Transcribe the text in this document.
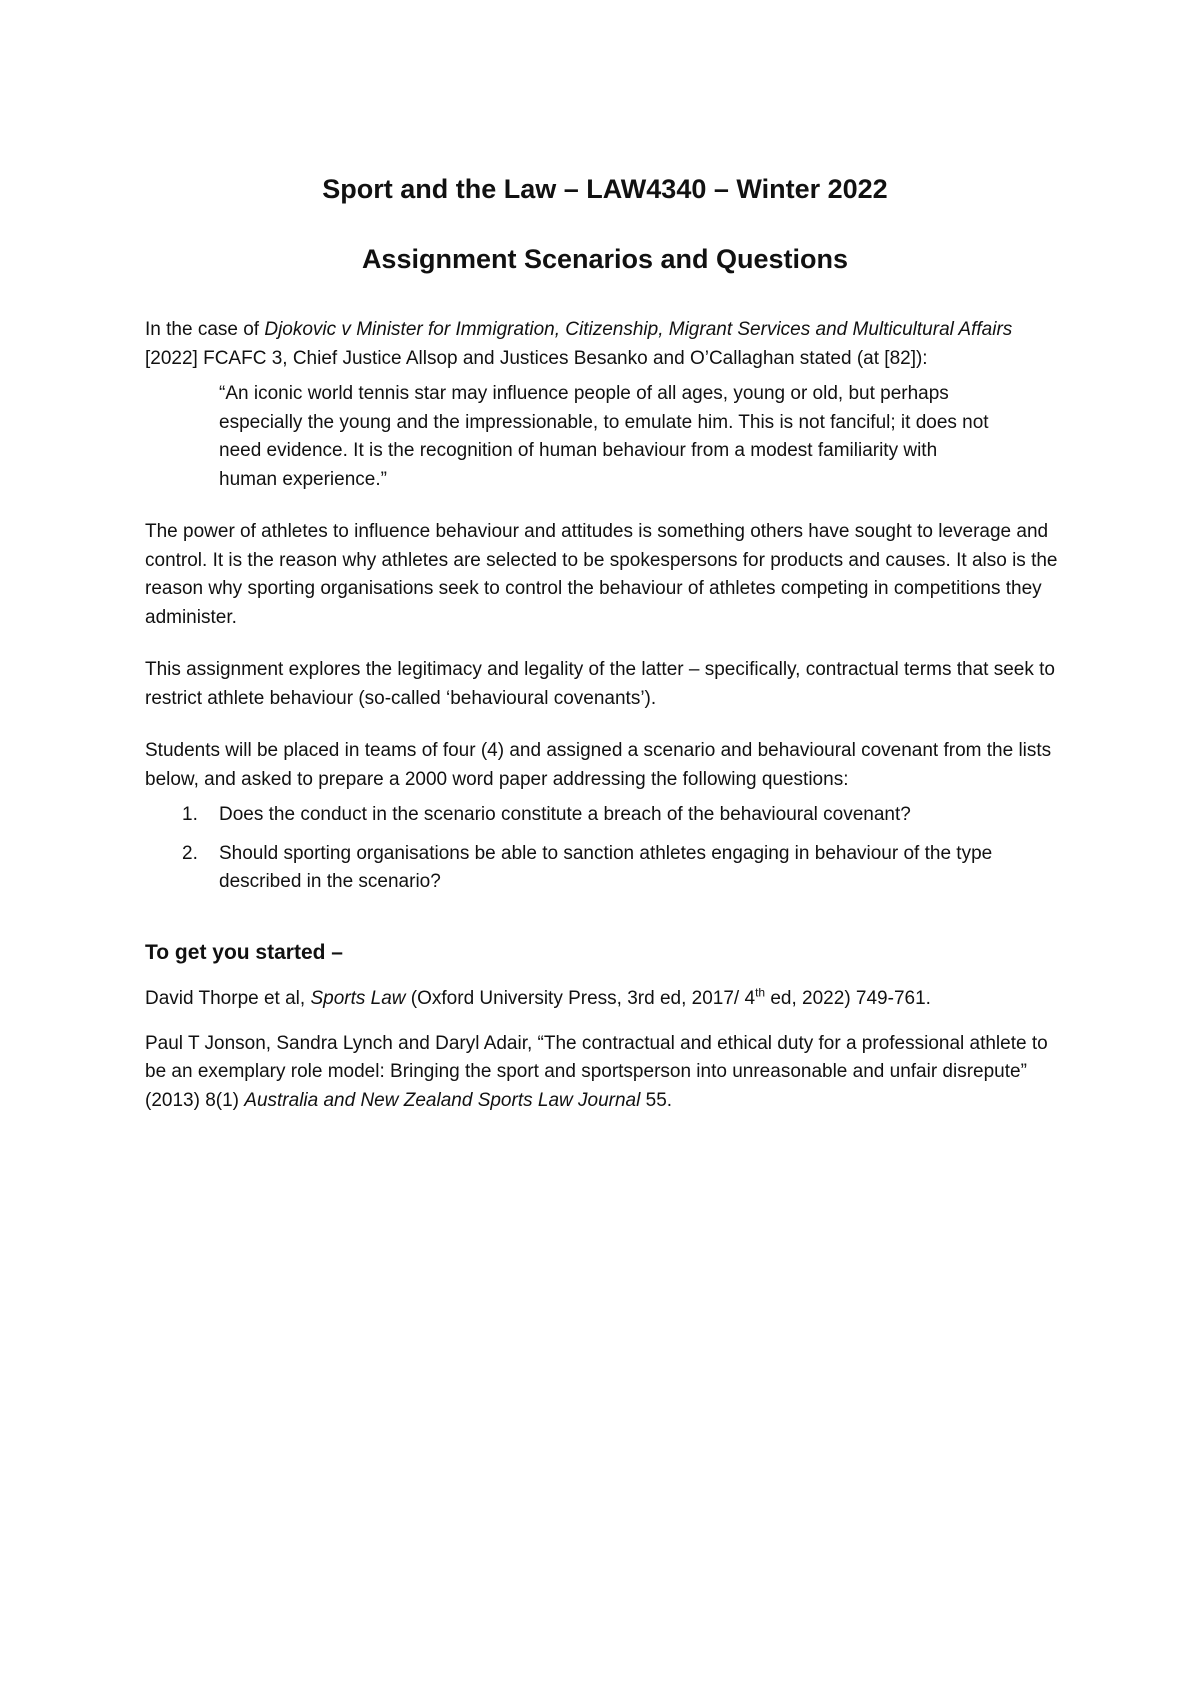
Sport and the Law – LAW4340 – Winter 2022
Assignment Scenarios and Questions

In the case of Djokovic v Minister for Immigration, Citizenship, Migrant Services and Multicultural Affairs [2022] FCAFC 3, Chief Justice Allsop and Justices Besanko and O’Callaghan stated (at [82]):

“An iconic world tennis star may influence people of all ages, young or old, but perhaps especially the young and the impressionable, to emulate him. This is not fanciful; it does not need evidence. It is the recognition of human behaviour from a modest familiarity with human experience.”

The power of athletes to influence behaviour and attitudes is something others have sought to leverage and control. It is the reason why athletes are selected to be spokespersons for products and causes. It also is the reason why sporting organisations seek to control the behaviour of athletes competing in competitions they administer.

This assignment explores the legitimacy and legality of the latter – specifically, contractual terms that seek to restrict athlete behaviour (so-called ‘behavioural covenants’).

Students will be placed in teams of four (4) and assigned a scenario and behavioural covenant from the lists below, and asked to prepare a 2000 word paper addressing the following questions:

1. Does the conduct in the scenario constitute a breach of the behavioural covenant?
2. Should sporting organisations be able to sanction athletes engaging in behaviour of the type described in the scenario?

To get you started –

David Thorpe et al, Sports Law (Oxford University Press, 3rd ed, 2017/ 4th ed, 2022) 749-761.

Paul T Jonson, Sandra Lynch and Daryl Adair, “The contractual and ethical duty for a professional athlete to be an exemplary role model: Bringing the sport and sportsperson into unreasonable and unfair disrepute” (2013) 8(1) Australia and New Zealand Sports Law Journal 55.
